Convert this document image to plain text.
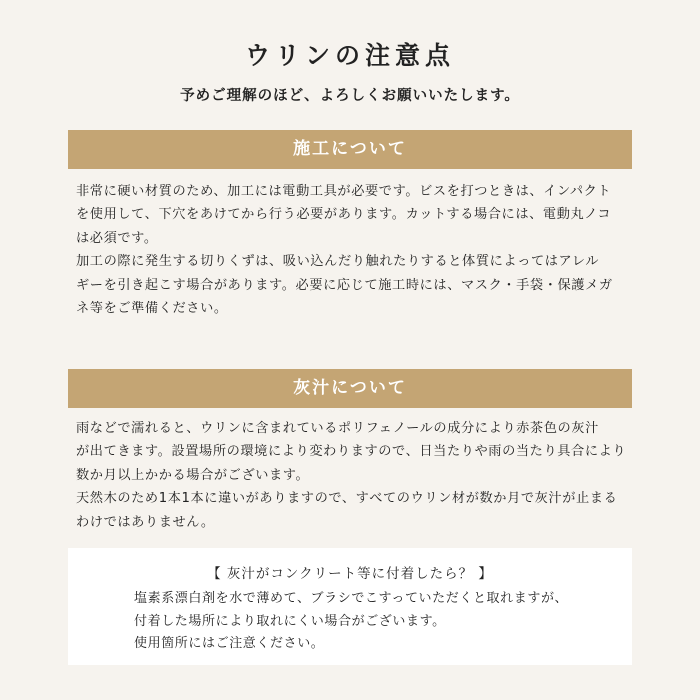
ウリンの注意点
予めご理解のほど、よろしくお願いいたします。
施工について

非常に硬い材質のため、加工には電動工具が必要です。ビスを打つときは、インパクト

を使用して、下穴をあけてから行う必要があります。カットする場合には、電動丸ノコ

は必須です。

加工の際に発生する切りくずは、吸い込んだり触れたりすると体質によってはアレル

ギーを引き起こす場合があります。必要に応じて施工時には、マスク・手袋・保護メガ

ネ等をご準備ください。

灰汁について

雨などで濡れると、ウリンに含まれているポリフェノールの成分により赤茶色の灰汁

が出てきます。設置場所の環境により変わりますので、日当たりや雨の当たり具合により

数か月以上かかる場合がございます。

天然木のため1本1本に違いがありますので、すべてのウリン材が数か月で灰汁が止まる

わけではありません。

【 灰汁がコンクリート等に付着したら？ 】

塩素系漂白剤を水で薄めて、ブラシでこすっていただくと取れますが、

付着した場所により取れにくい場合がございます。

使用箇所にはご注意ください。
